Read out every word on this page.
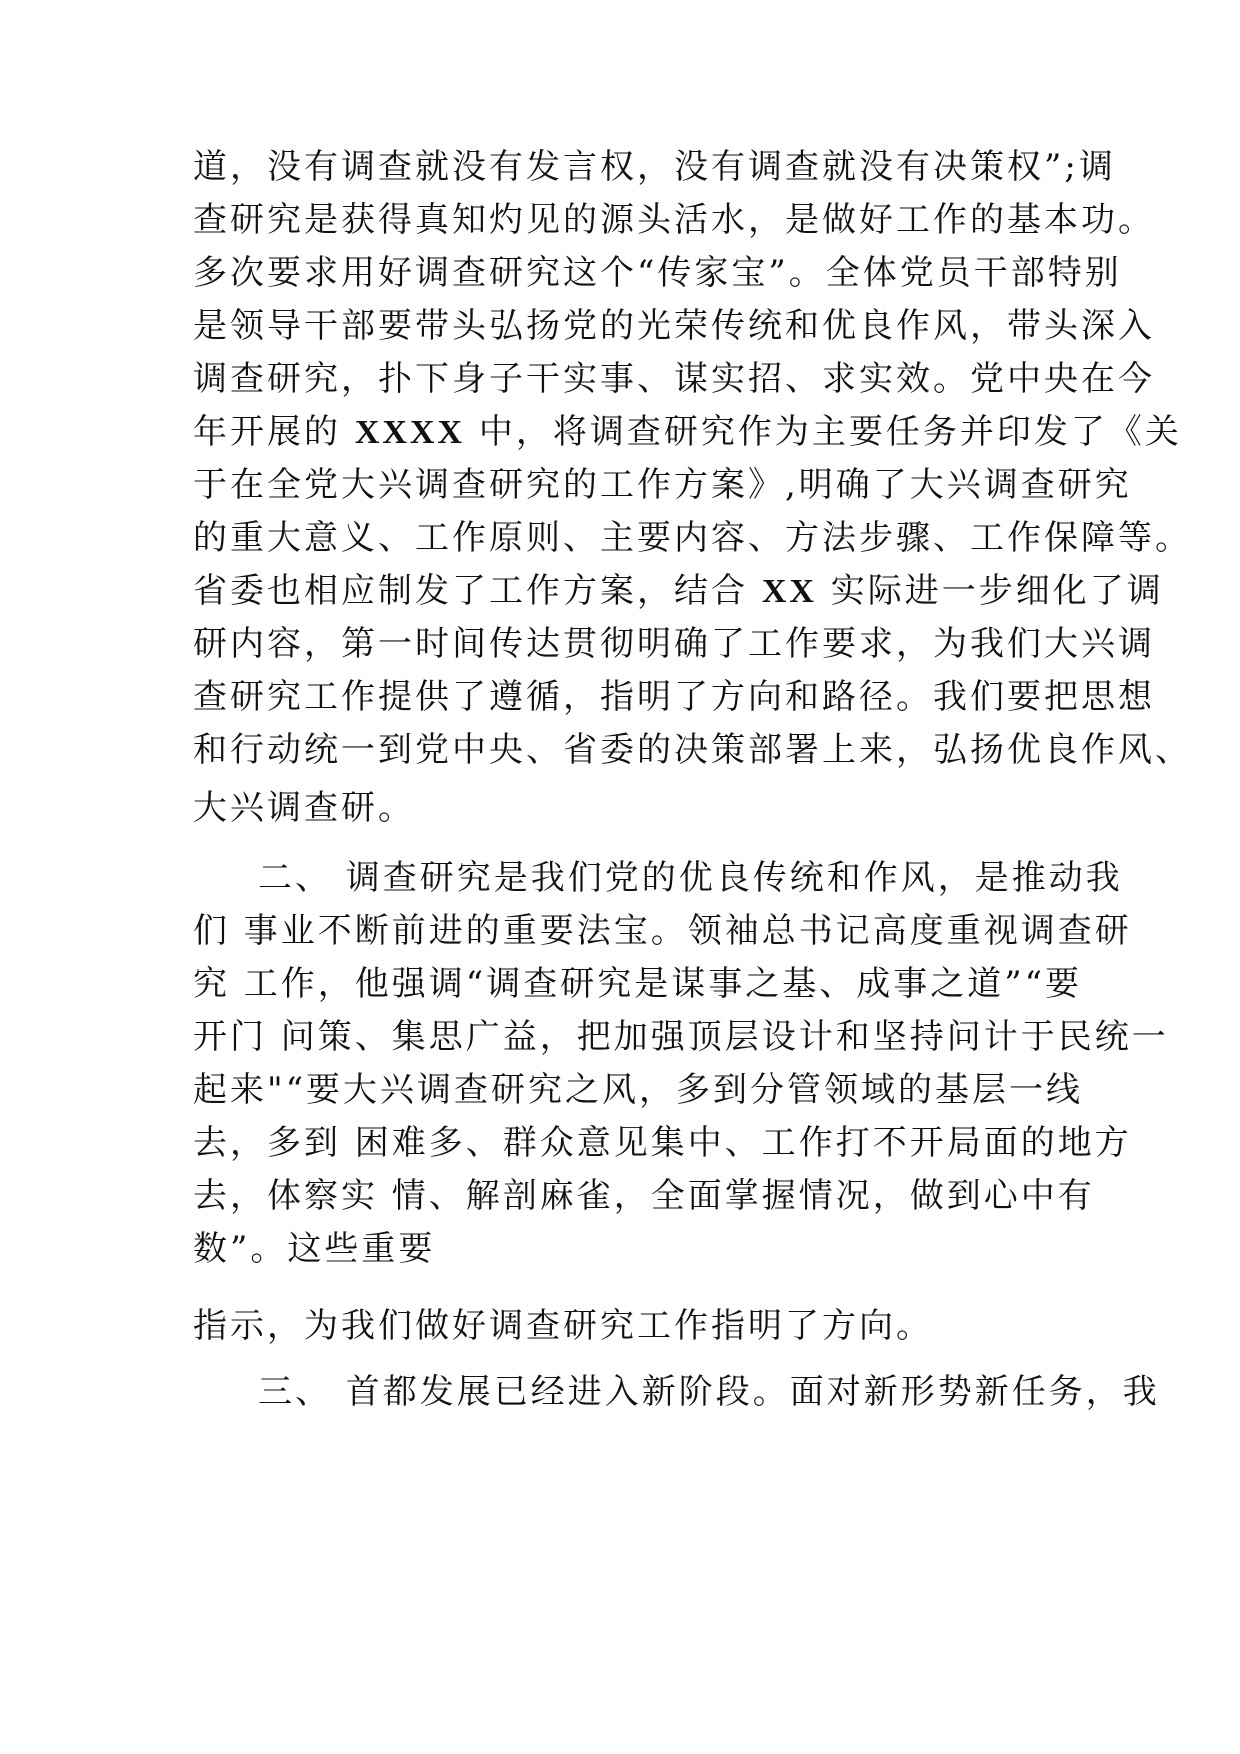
道，没有调查就没有发言权，没有调查就没有决策权”;调
查研究是获得真知灼见的源头活水，是做好工作的基本功。
多次要求用好调查研究这个“传家宝”。全体党员干部特别
是领导干部要带头弘扬党的光荣传统和优良作风，带头深入
调查研究，扑下身子干实事、谋实招、求实效。党中央在今
年开展的 XXXX 中，将调查研究作为主要任务并印发了《关
于在全党大兴调查研究的工作方案》,明确了大兴调查研究
的重大意义、工作原则、主要内容、方法步骤、工作保障等。
省委也相应制发了工作方案，结合 XX 实际进一步细化了调
研内容，第一时间传达贯彻明确了工作要求，为我们大兴调
查研究工作提供了遵循，指明了方向和路径。我们要把思想
和行动统一到党中央、省委的决策部署上来，弘扬优良作风、
大兴调查研。
二、 调查研究是我们党的优良传统和作风，是推动我
们 事业不断前进的重要法宝。领袖总书记高度重视调查研
究 工作，他强调“调查研究是谋事之基、成事之道”“要
开门 问策、集思广益，把加强顶层设计和坚持问计于民统一
起来"“要大兴调查研究之风，多到分管领域的基层一线
去，多到 困难多、群众意见集中、工作打不开局面的地方
去，体察实 情、解剖麻雀，全面掌握情况，做到心中有
数”。这些重要
指示，为我们做好调查研究工作指明了方向。
三、 首都发展已经进入新阶段。面对新形势新任务，我
